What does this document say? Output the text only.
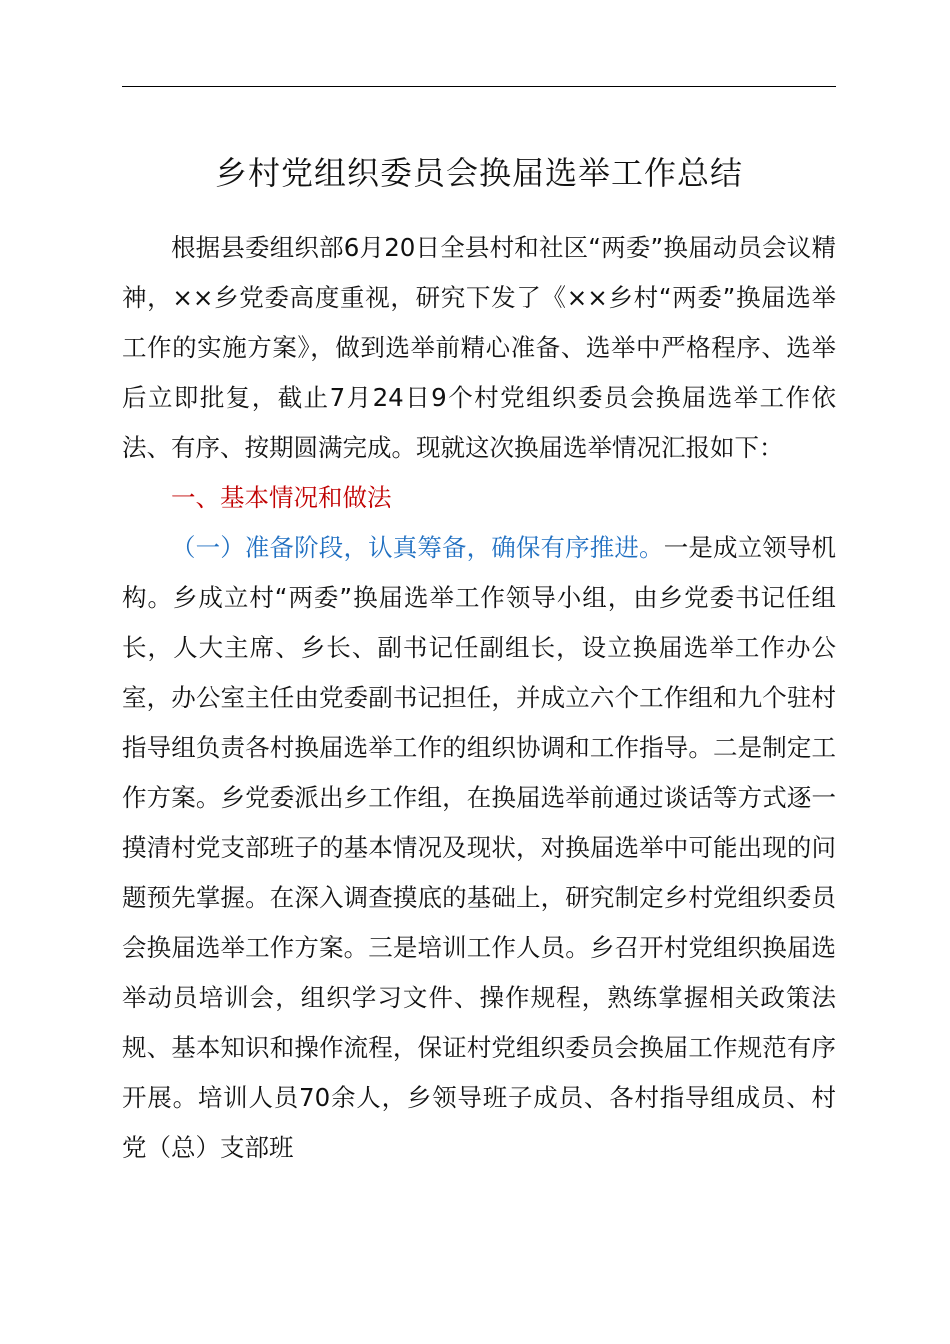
乡村党组织委员会换届选举工作总结

根据县委组织部6月20日全县村和社区“两委”换届动员会议精神，××乡党委高度重视，研究下发了《××乡村“两委”换届选举工作的实施方案》，做到选举前精心准备、选举中严格程序、选举后立即批复，截止7月24日9个村党组织委员会换届选举工作依法、有序、按期圆满完成。现就这次换届选举情况汇报如下：

一、基本情况和做法

（一）准备阶段，认真筹备，确保有序推进。一是成立领导机构。乡成立村“两委”换届选举工作领导小组，由乡党委书记任组长，人大主席、乡长、副书记任副组长，设立换届选举工作办公室，办公室主任由党委副书记担任，并成立六个工作组和九个驻村指导组负责各村换届选举工作的组织协调和工作指导。二是制定工作方案。乡党委派出乡工作组，在换届选举前通过谈话等方式逐一摸清村党支部班子的基本情况及现状，对换届选举中可能出现的问题预先掌握。在深入调查摸底的基础上，研究制定乡村党组织委员会换届选举工作方案。三是培训工作人员。乡召开村党组织换届选举动员培训会，组织学习文件、操作规程，熟练掌握相关政策法规、基本知识和操作流程，保证村党组织委员会换届工作规范有序开展。培训人员70余人，乡领导班子成员、各村指导组成员、村党（总）支部班
